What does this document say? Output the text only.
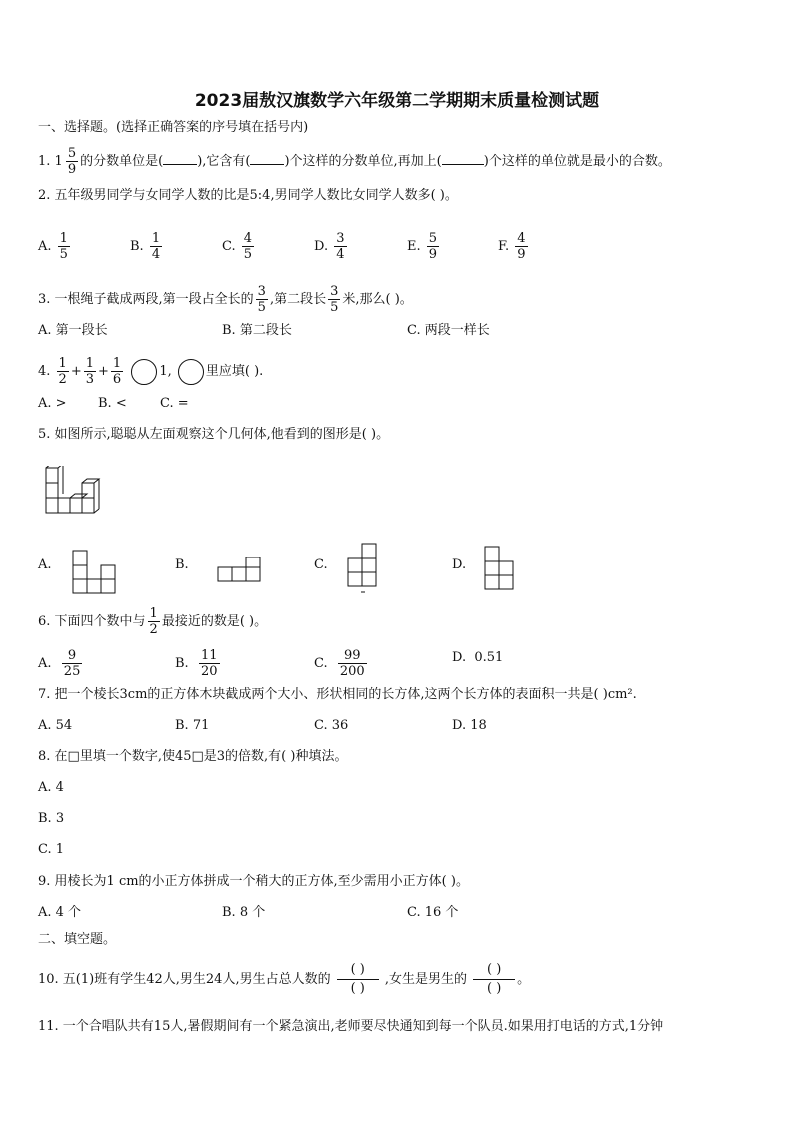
2023届敖汉旗数学六年级第二学期期末质量检测试题
一、选择题。(选择正确答案的序号填在括号内)
1. $1 \frac{5}{9}$ 的分数单位是(	),它含有(	)个这样的分数单位,再加上(	)个这样的单位就是最小的合数。
2. 五年级男同学与女同学人数的比是5:4,男同学人数比女同学人数多( )。
A. $\frac{1}{5}$	B. $\frac{1}{4}$	C. $\frac{4}{5}$	D. $\frac{3}{4}$	E. $\frac{5}{9}$	F. $\frac{4}{9}$
3. 一根绳子截成两段,第一段占全长的 $\frac{3}{5}$ ,第二段长 $\frac{3}{5}$ 米,那么( )。
A. 第一段长	B. 第二段长	C. 两段一样长
4. $\frac{1}{2} + \frac{1}{3} + \frac{1}{6}$	1,	里应填( ).
A. > B. <	C. =
5. 如图所示,聪聪从左面观察这个几何体,他看到的图形是( )。
A.	B.	C.	D.
6. 下面四个数中与 $\frac{1}{2}$ 最接近的数是( )。
A. $\frac{9}{25}$	B. $\frac{11}{20}$	C. $\frac{99}{200}$	D. 0.51
7. 把一个棱长3cm的正方体木块截成两个大小、形状相同的长方体,这两个长方体的表面积一共是( )cm².
A. 54	B. 71	C. 36	D. 18
8. 在□里填一个数字,使45□是3的倍数,有( )种填法。
A. 4
B. 3
C. 1
9. 用棱长为1 cm的小正方体拼成一个稍大的正方体,至少需用小正方体( )。
A. 4 个	B. 8 个	C. 16 个
二、填空题。
10. 五(1)班有学生42人,男生24人,男生占总人数的
( )
( )
,女生是男生的
( )
( )
。
11. 一个合唱队共有15人,暑假期间有一个紧急演出,老师要尽快通知到每一个队员.如果用打电话的方式,1分钟
